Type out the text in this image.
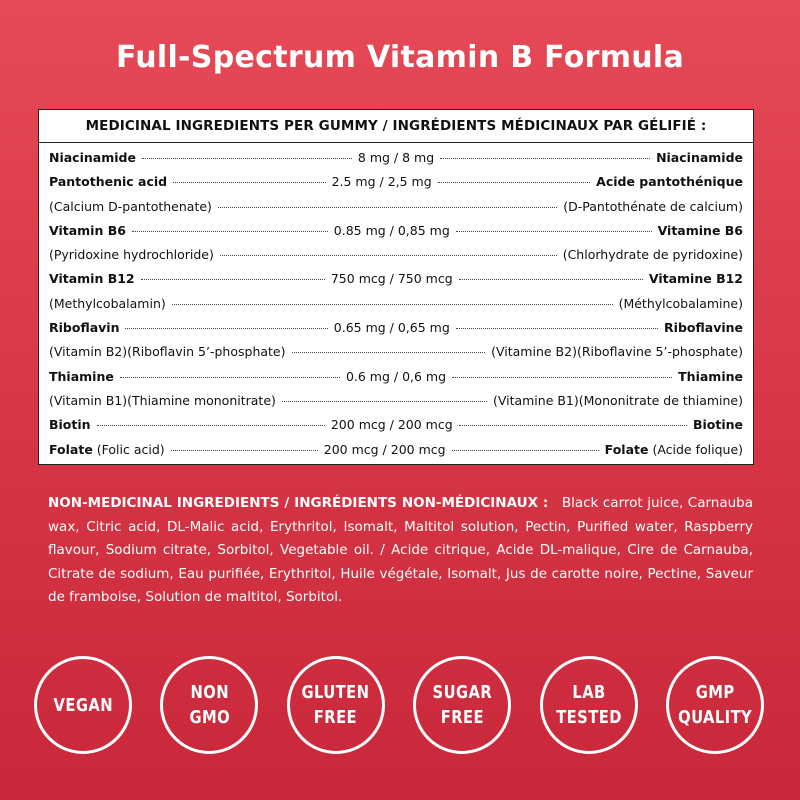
Full-Spectrum Vitamin B Formula
MEDICINAL INGREDIENTS PER GUMMY / INGRÉDIENTS MÉDICINAUX PAR GÉLIFIÉ :
Niacinamide	8 mg / 8 mg	Niacinamide
Pantothenic acid	2.5 mg / 2,5 mg	Acide pantothénique
(Calcium D-pantothenate)	(D-Pantothénate de calcium)
Vitamin B6	0.85 mg / 0,85 mg	Vitamine B6
(Pyridoxine hydrochloride)	(Chlorhydrate de pyridoxine)
Vitamin B12	750 mcg / 750 mcg	Vitamine B12
(Methylcobalamin)	(Méthylcobalamine)
Riboflavin	0.65 mg / 0,65 mg	Riboflavine
(Vitamin B2)(Riboflavin 5’-phosphate)	(Vitamine B2)(Riboflavine 5’-phosphate)
Thiamine	0.6 mg / 0,6 mg	Thiamine
(Vitamin B1)(Thiamine mononitrate)	(Vitamine B1)(Mononitrate de thiamine)
Biotin	200 mcg / 200 mcg	Biotine
Folate (Folic acid)	200 mcg / 200 mcg	Folate (Acide folique)
NON-MEDICINAL INGREDIENTS / INGRÉDIENTS NON-MÉDICINAUX : Black carrot juice, Carnauba wax, Citric acid, DL-Malic acid, Erythritol, Isomalt, Maltitol solution, Pectin, Purified water, Raspberry flavour, Sodium citrate, Sorbitol, Vegetable oil. / Acide citrique, Acide DL-malique, Cire de Carnauba, Citrate de sodium, Eau purifiée, Erythritol, Huile végétale, Isomalt, Jus de carotte noire, Pectine, Saveur de framboise, Solution de maltitol, Sorbitol.
VEGAN
NON
GMO
GLUTEN
FREE
SUGAR
FREE
LAB
TESTED
GMP
QUALITY
